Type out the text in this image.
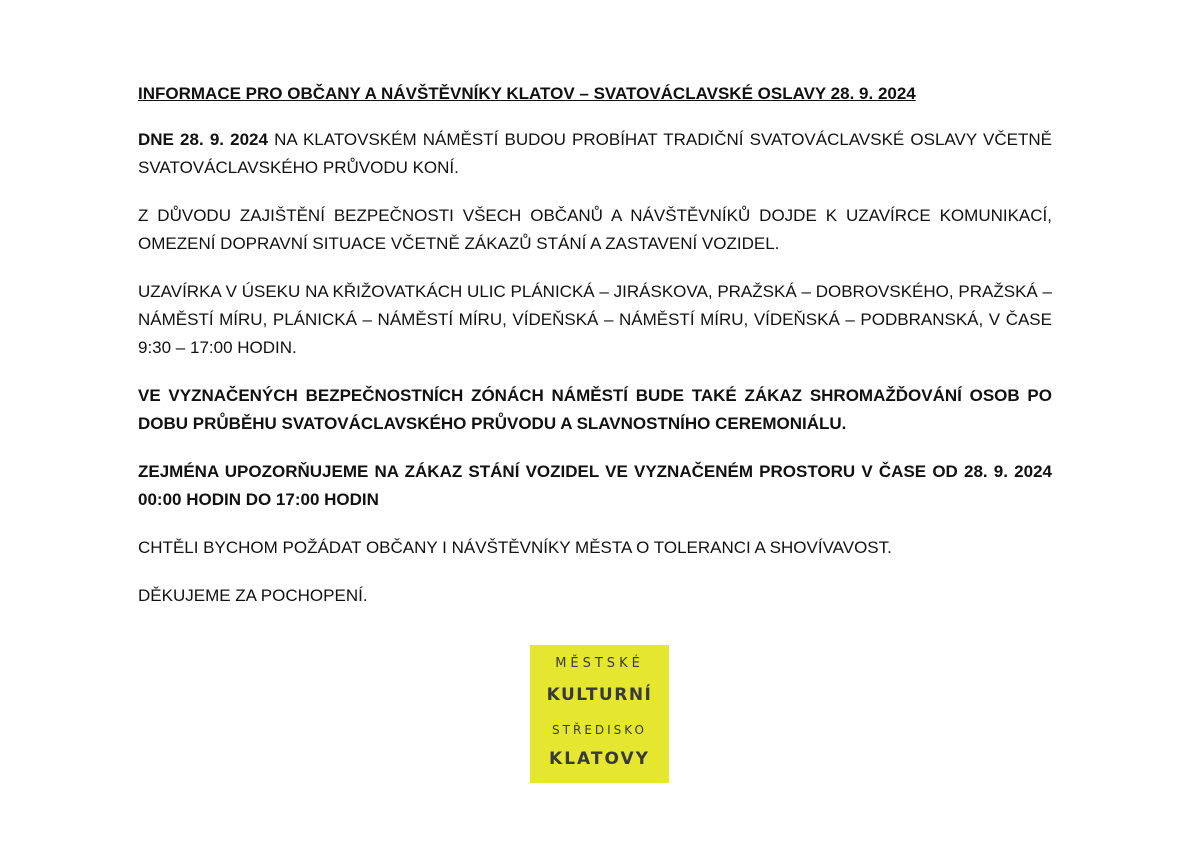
INFORMACE PRO OBČANY A NÁVŠTĚVNÍKY KLATOV – SVATOVÁCLAVSKÉ OSLAVY 28. 9. 2024

DNE 28. 9. 2024 NA KLATOVSKÉM NÁMĚSTÍ BUDOU PROBÍHAT TRADIČNÍ SVATOVÁCLAVSKÉ OSLAVY VČETNĚ SVATOVÁCLAVSKÉHO PRŮVODU KONÍ.

Z DŮVODU ZAJIŠTĚNÍ BEZPEČNOSTI VŠECH OBČANŮ A NÁVŠTĚVNÍKŮ DOJDE K UZAVÍRCE KOMUNIKACÍ, OMEZENÍ DOPRAVNÍ SITUACE VČETNĚ ZÁKAZŮ STÁNÍ A ZASTAVENÍ VOZIDEL.

UZAVÍRKA V ÚSEKU NA KŘIŽOVATKÁCH ULIC PLÁNICKÁ – JIRÁSKOVA, PRAŽSKÁ – DOBROVSKÉHO, PRAŽSKÁ – NÁMĚSTÍ MÍRU, PLÁNICKÁ – NÁMĚSTÍ MÍRU, VÍDEŇSKÁ – NÁMĚSTÍ MÍRU, VÍDEŇSKÁ – PODBRANSKÁ, V ČASE 9:30 – 17:00 HODIN.

VE VYZNAČENÝCH BEZPEČNOSTNÍCH ZÓNÁCH NÁMĚSTÍ BUDE TAKÉ ZÁKAZ SHROMAŽĎOVÁNÍ OSOB PO DOBU PRŮBĚHU SVATOVÁCLAVSKÉHO PRŮVODU A SLAVNOSTNÍHO CEREMONIÁLU.

ZEJMÉNA UPOZORŇUJEME NA ZÁKAZ STÁNÍ VOZIDEL VE VYZNAČENÉM PROSTORU V ČASE OD 28. 9. 2024 00:00 HODIN DO 17:00 HODIN

CHTĚLI BYCHOM POŽÁDAT OBČANY I NÁVŠTĚVNÍKY MĚSTA O TOLERANCI A SHOVÍVAVOST.

DĚKUJEME ZA POCHOPENÍ.

MĚSTSKÉ
KULTURNÍ
STŘEDISKO
KLATOVY
